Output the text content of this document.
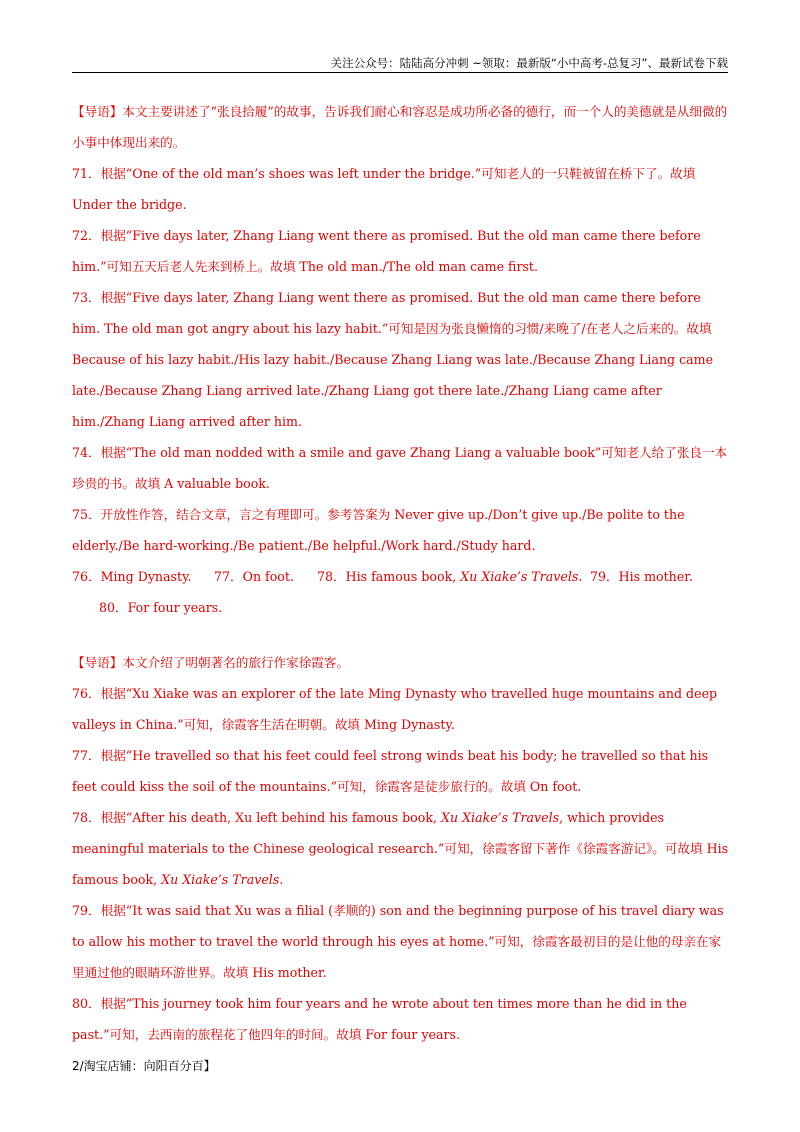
关注公众号：陆陆高分冲刺 ~领取：最新版“小中高考-总复习”、最新试卷下载

【导语】本文主要讲述了“张良拾履”的故事，告诉我们耐心和容忍是成功所必备的德行，而一个人的美德就是从细微的小事中体现出来的。

71．根据“One of the old man’s shoes was left under the bridge.”可知老人的一只鞋被留在桥下了。故填 Under the bridge.

72．根据“Five days later, Zhang Liang went there as promised. But the old man came there before him.”可知五天后老人先来到桥上。故填 The old man./The old man came first.

73．根据“Five days later, Zhang Liang went there as promised. But the old man came there before him. The old man got angry about his lazy habit.”可知是因为张良懒惰的习惯/来晚了/在老人之后来的。故填 Because of his lazy habit./His lazy habit./Because Zhang Liang was late./Because Zhang Liang came late./Because Zhang Liang arrived late./Zhang Liang got there late./Zhang Liang came after him./Zhang Liang arrived after him.

74．根据“The old man nodded with a smile and gave Zhang Liang a valuable book”可知老人给了张良一本珍贵的书。故填 A valuable book.

75．开放性作答，结合文章，言之有理即可。参考答案为 Never give up./Don’t give up./Be polite to the elderly./Be hard-working./Be patient./Be helpful./Work hard./Study hard.

76．Ming Dynasty. 77．On foot. 78．His famous book, Xu Xiake’s Travels. 79．His mother.
80．For four years.

【导语】本文介绍了明朝著名的旅行作家徐霞客。

76．根据“Xu Xiake was an explorer of the late Ming Dynasty who travelled huge mountains and deep valleys in China.”可知，徐霞客生活在明朝。故填 Ming Dynasty.

77．根据“He travelled so that his feet could feel strong winds beat his body; he travelled so that his feet could kiss the soil of the mountains.”可知，徐霞客是徒步旅行的。故填 On foot.

78．根据“After his death, Xu left behind his famous book, Xu Xiake’s Travels, which provides meaningful materials to the Chinese geological research.”可知，徐霞客留下著作《徐霞客游记》。可故填 His famous book, Xu Xiake’s Travels.

79．根据“It was said that Xu was a filial (孝顺的) son and the beginning purpose of his travel diary was to allow his mother to travel the world through his eyes at home.”可知，徐霞客最初目的是让他的母亲在家里通过他的眼睛环游世界。故填 His mother.

80．根据“This journey took him four years and he wrote about ten times more than he did in the past.”可知，去西南的旅程花了他四年的时间。故填 For four years.

2/淘宝店铺：向阳百分百】
